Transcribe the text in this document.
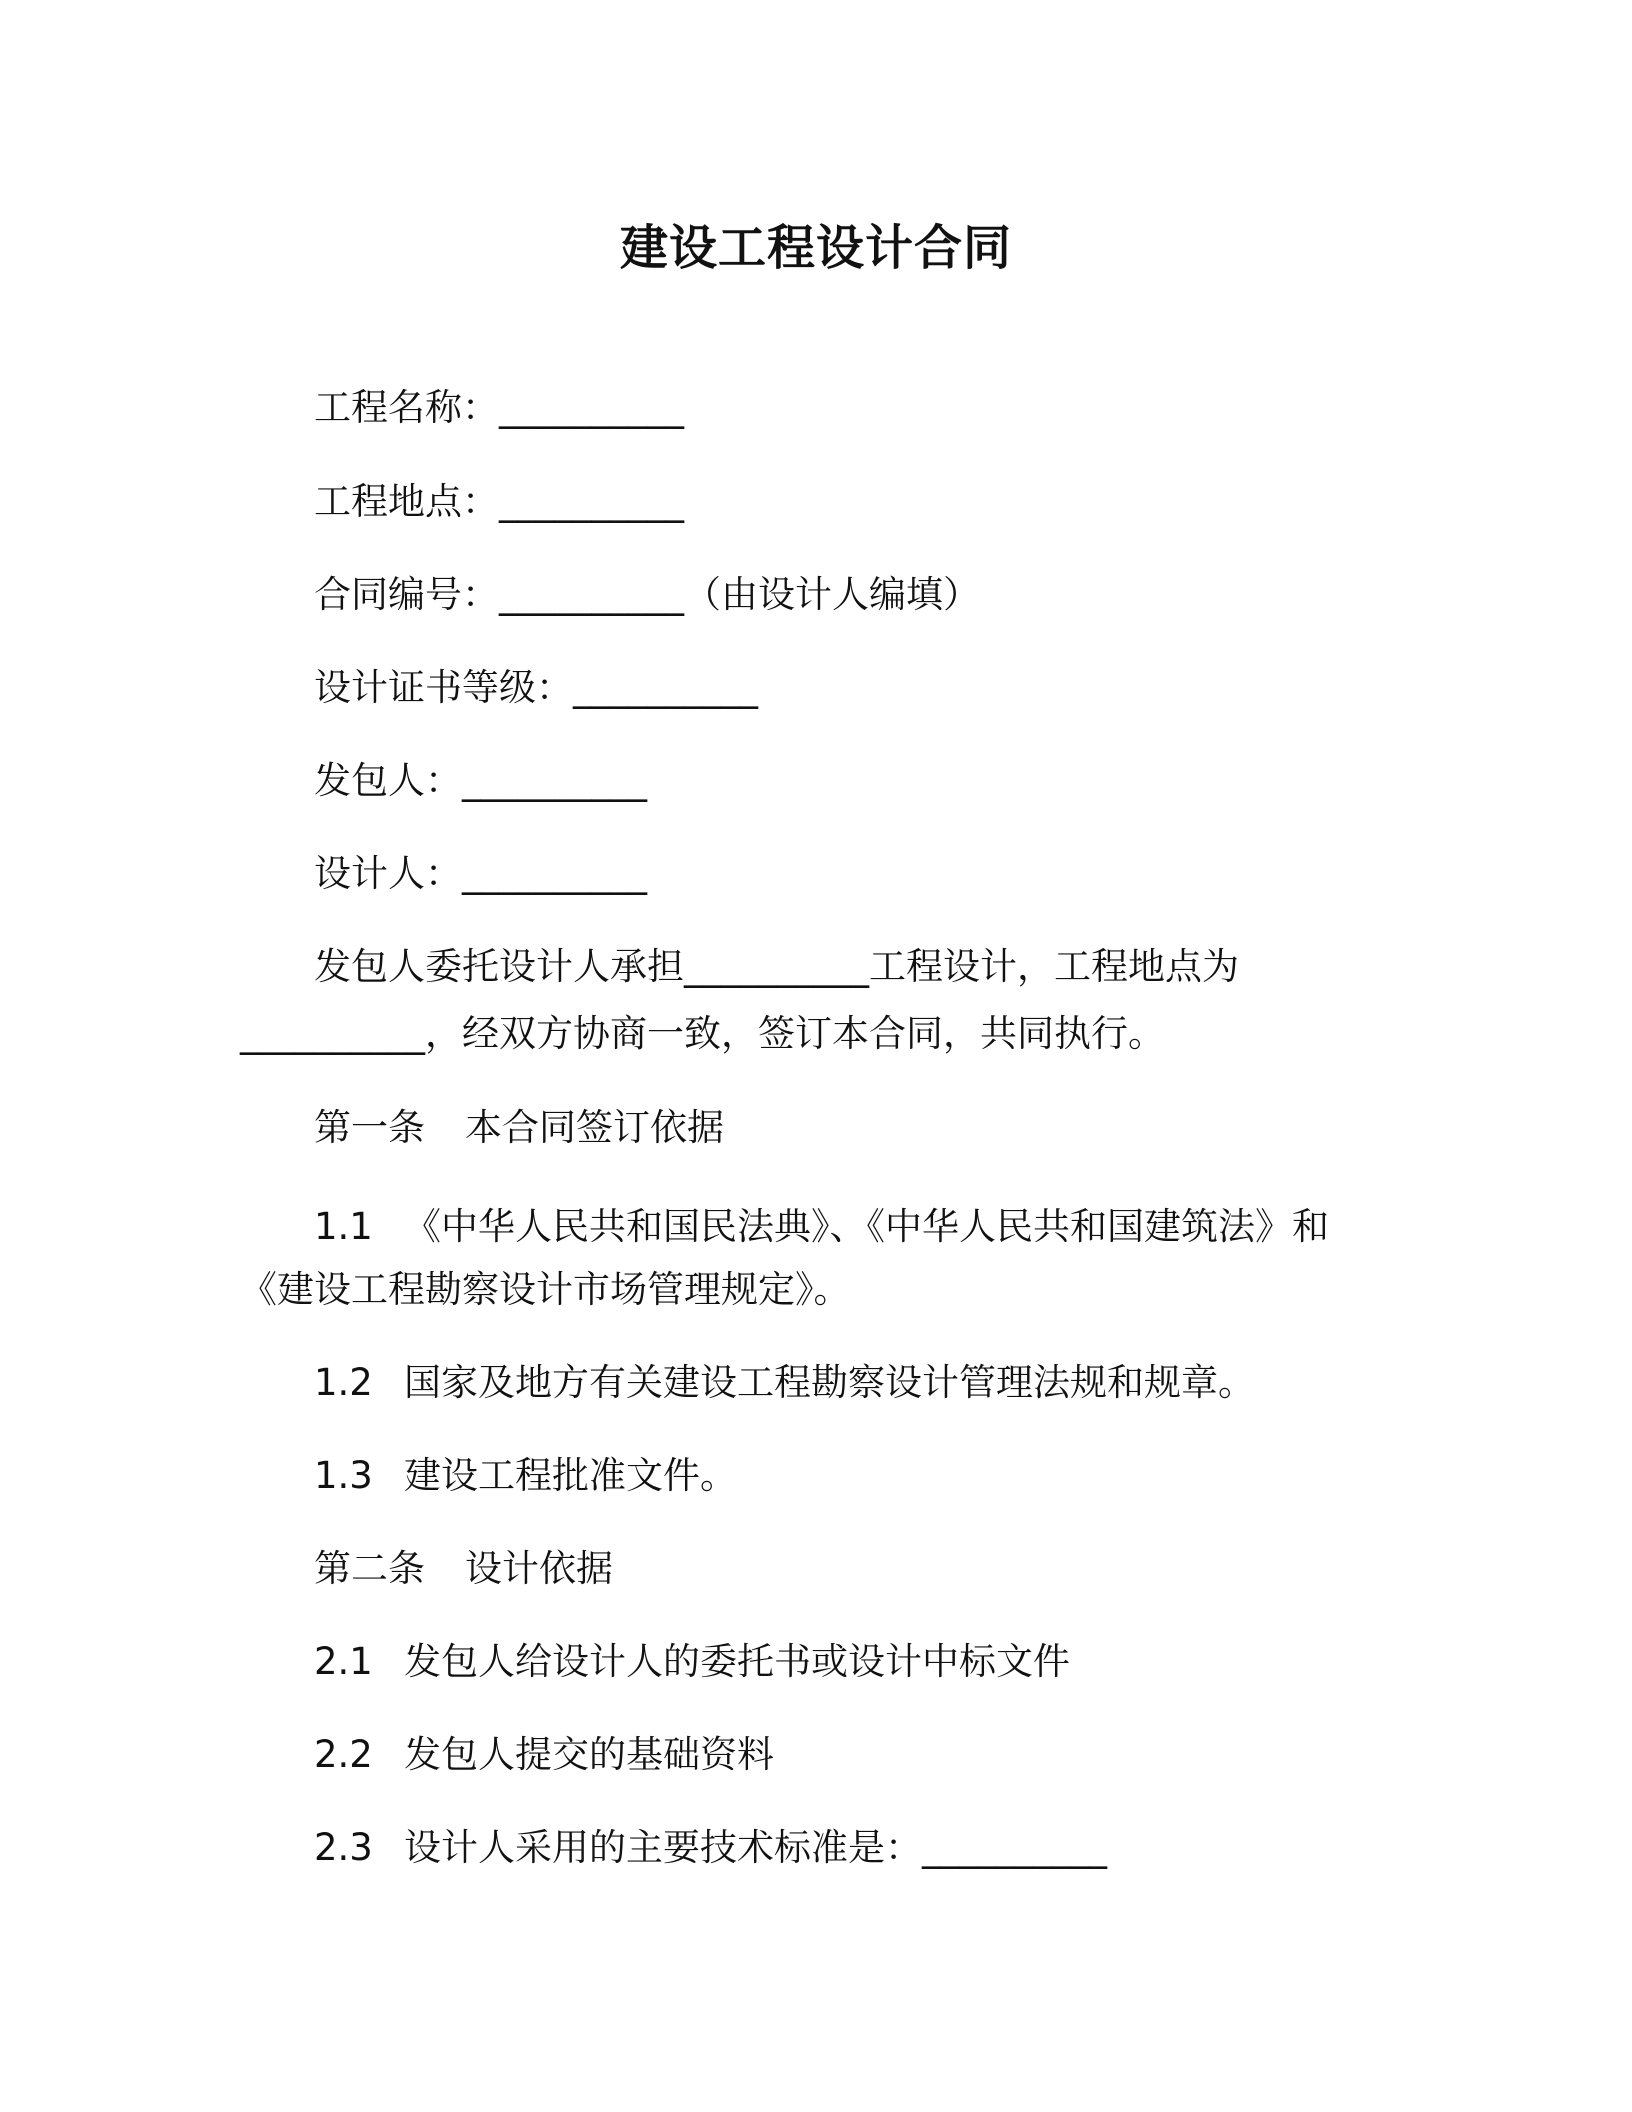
建设工程设计合同
工程名称：__________
工程地点：__________
合同编号：__________（由设计人编填）
设计证书等级：__________
发包人：__________
设计人：__________
发包人委托设计人承担__________工程设计，工程地点为
__________，经双方协商一致，签订本合同，共同执行。
第一条 本合同签订依据
1.1 《中华人民共和国民法典》、《中华人民共和国建筑法》和
《建设工程勘察设计市场管理规定》。
1.2 国家及地方有关建设工程勘察设计管理法规和规章。
1.3 建设工程批准文件。
第二条 设计依据
2.1 发包人给设计人的委托书或设计中标文件
2.2 发包人提交的基础资料
2.3 设计人采用的主要技术标准是：__________
